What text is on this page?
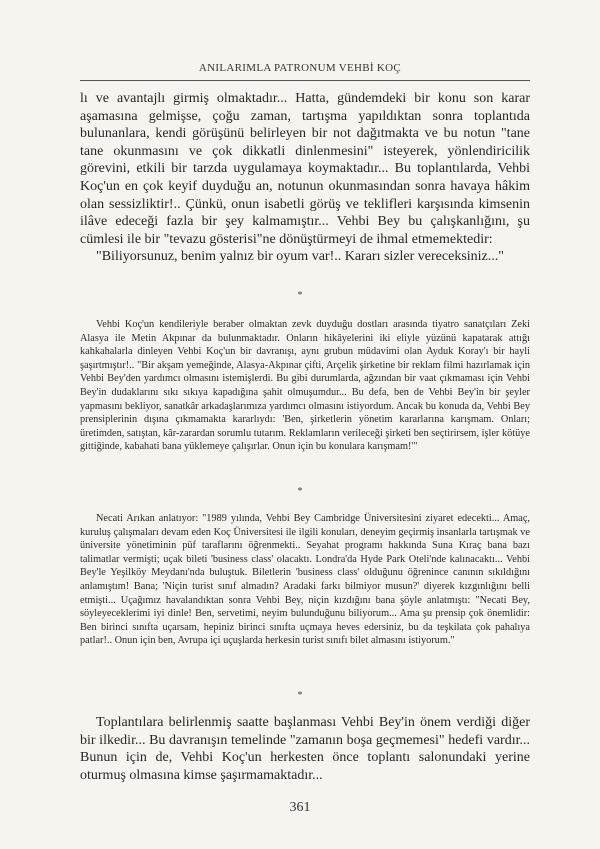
ANILARIMLA PATRONUM VEHBİ KOÇ
lı ve avantajlı girmiş olmaktadır... Hatta, gündemdeki bir konu son karar aşamasına gelmişse, çoğu zaman, tartışma yapıldıktan sonra toplantıda bulunanlara, kendi görüşünü belirleyen bir not dağıtmakta ve bu notun "tane tane okunmasını ve çok dikkatli dinlenmesini" isteyerek, yönlendiricilik görevini, etkili bir tarzda uygulamaya koymaktadır... Bu toplantılarda, Vehbi Koç'un en çok keyif duyduğu an, notunun okunmasından sonra havaya hâkim olan sessizliktir!.. Çünkü, onun isabetli görüş ve teklifleri karşısında kimsenin ilâve edeceği fazla bir şey kalmamıştır... Vehbi Bey bu çalışkanlığını, şu cümlesi ile bir "tevazu gösterisi"ne dönüştürmeyi de ihmal etmemektedir:
"Biliyorsunuz, benim yalnız bir oyum var!.. Kararı sizler vereceksiniz..."
*
Vehbi Koç'un kendileriyle beraber olmaktan zevk duyduğu dostları arasında tiyatro sanatçıları Zeki Alasya ile Metin Akpınar da bulunmaktadır. Onların hikâyelerini iki eliyle yüzünü kapatarak attığı kahkahalarla dinleyen Vehbi Koç'un bir davranışı, aynı grubun müdavimi olan Ayduk Koray'ı bir hayli şaşırtmıştır!.. "Bir akşam yemeğinde, Alasya-Akpınar çifti, Arçelik şirketine bir reklam filmi hazırlamak için Vehbi Bey'den yardımcı olmasını istemişlerdi. Bu gibi durumlarda, ağzından bir vaat çıkmaması için Vehbi Bey'in dudaklarını sıkı sıkıya kapadığına şahit olmuşumdur... Bu defa, ben de Vehbi Bey'in bir şeyler yapmasını bekliyor, sanatkâr arkadaşlarımıza yardımcı olmasını istiyordum. Ancak bu konuda da, Vehbi Bey prensiplerinin dışına çıkmamakta kararlıydı: 'Ben, şirketlerin yönetim kararlarına karışmam. Onları; üretimden, satıştan, kâr-zarardan sorumlu tutarım. Reklamların verileceği şirketi ben seçtirirsem, işler kötüye gittiğinde, kabahati bana yüklemeye çalışırlar. Onun için bu konulara karışmam!'"
*
Necati Arıkan anlatıyor: "1989 yılında, Vehbi Bey Cambridge Üniversitesini ziyaret edecekti... Amaç, kuruluş çalışmaları devam eden Koç Üniversitesi ile ilgili konuları, deneyim geçirmiş insanlarla tartışmak ve üniversite yönetiminin püf taraflarını öğrenmekti.. Seyahat programı hakkında Suna Kıraç bana bazı talimatlar vermişti; uçak bileti 'business class' olacaktı. Londra'da Hyde Park Oteli'nde kalınacaktı... Vehbi Bey'le Yeşilköy Meydanı'nda buluştuk. Biletlerin 'business class' olduğunu öğrenince canının sıkıldığını anlamıştım! Bana; 'Niçin turist sınıf almadın? Aradaki farkı bilmiyor musun?' diyerek kızgınlığını belli etmişti... Uçağımız havalandıktan sonra Vehbi Bey, niçin kızdığını bana şöyle anlatmıştı: "Necati Bey, söyleyeceklerimi iyi dinle! Ben, servetimi, neyim bulunduğunu biliyorum... Ama şu prensip çok önemlidir: Ben birinci sınıfta uçarsam, hepiniz birinci sınıfta uçmaya heves edersiniz, bu da teşkilata çok pahalıya patlar!.. Onun için ben, Avrupa içi uçuşlarda herkesin turist sınıfı bilet almasını istiyorum."
*
Toplantılara belirlenmiş saatte başlanması Vehbi Bey'in önem verdiği diğer bir ilkedir... Bu davranışın temelinde "zamanın boşa geçmemesi" hedefi vardır... Bunun için de, Vehbi Koç'un herkesten önce toplantı salonundaki yerine oturmuş olmasına kimse şaşırmamaktadır...
361
